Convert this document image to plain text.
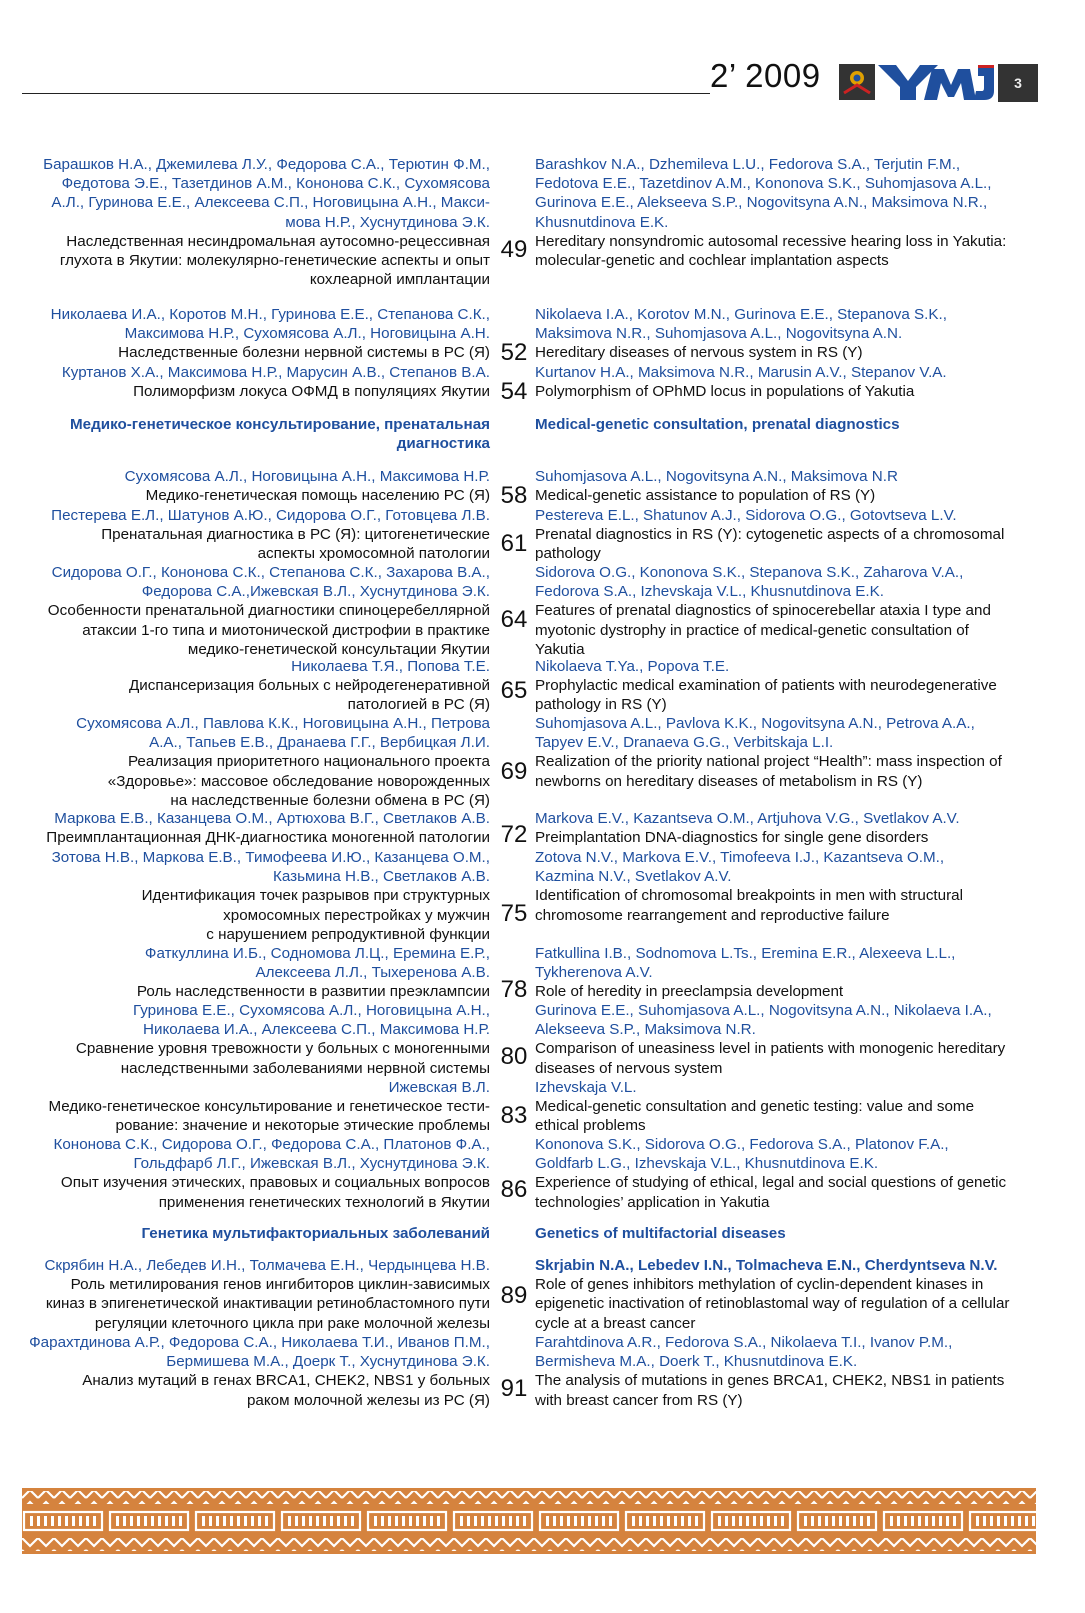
2’ 2009	3
Барашков Н.А., Джемилева Л.У., Федорова С.А., Терютин Ф.М.,
Федотова Э.Е., Тазетдинов А.М., Кононова С.К., Сухомясова
А.Л., Гуринова Е.Е., Алексеева С.П., Ноговицына А.Н., Макси-
мова Н.Р., Хуснутдинова Э.К.
Наследственная несиндромальная аутосомно-рецессивная
глухота в Якутии: молекулярно-генетические аспекты и опыт
кохлеарной имплантации
49
Barashkov N.A., Dzhemileva L.U., Fedorova S.A., Terjutin F.M.,
Fedotova E.E., Tazetdinov A.M., Kononova S.K., Suhomjasova A.L.,
Gurinova E.E., Alekseeva S.P., Nogovitsyna A.N., Maksimova N.R.,
Khusnutdinova E.K.
Hereditary nonsyndromic autosomal recessive hearing loss in Yakutia:
molecular-genetic and cochlear implantation aspects
Николаева И.А., Коротов М.Н., Гуринова Е.Е., Степанова С.К.,
Максимова Н.Р., Сухомясова А.Л., Ноговицына А.Н.
Наследственные болезни нервной системы в РС (Я) 52
Nikolaeva I.A., Korotov M.N., Gurinova E.E., Stepanova S.K.,
Maksimova N.R., Suhomjasova A.L., Nogovitsyna A.N.
Hereditary diseases of nervous system in RS (Y)
Куртанов Х.А., Максимова Н.Р., Марусин А.В., Степанов В.А.
Полиморфизм локуса ОФМД в популяциях Якутии 54
Kurtanov H.A., Maksimova N.R., Marusin A.V., Stepanov V.A.
Polymorphism of OPhMD locus in populations of Yakutia
Медико-генетическое консультирование, пренатальная
диагностика
Medical-genetic consultation, prenatal diagnostics
Сухомясова А.Л., Ноговицына А.Н., Максимова Н.Р.
Медико-генетическая помощь населению РС (Я) 58
Suhomjasova A.L., Nogovitsyna A.N., Maksimova N.R
Medical-genetic assistance to population of RS (Y)
Пестерева Е.Л., Шатунов А.Ю., Сидорова О.Г., Готовцева Л.В.
Пренатальная диагностика в РС (Я): цитогенетические
аспекты хромосомной патологии 61
Pestereva E.L., Shatunov A.J., Sidorova O.G., Gotovtseva L.V.
Prenatal diagnostics in RS (Y): cytogenetic aspects of a chromosomal
pathology
Сидорова О.Г., Кононова С.К., Степанова С.К., Захарова В.А.,
Федорова С.А.,Ижевская В.Л., Хуснутдинова Э.К.
Особенности пренатальной диагностики спиноцеребеллярной
атаксии 1-го типа и миотонической дистрофии в практике
медико-генетической консультации Якутии
64
Sidorova O.G., Kononova S.K., Stepanova S.K., Zaharova V.A.,
Fedorova S.A., Izhevskaja V.L., Khusnutdinova E.K.
Features of prenatal diagnostics of spinocerebellar ataxia I type and
myotonic dystrophy in practice of medical-genetic consultation of
Yakutia
Николаева Т.Я., Попова Т.Е.
Диспансеризация больных с нейродегенеративной
патологией в РС (Я)
65
Nikolaeva T.Ya., Popova T.E.
Prophylactic medical examination of patients with neurodegenerative
pathology in RS (Y)
Сухомясова А.Л., Павлова К.К., Ноговицына А.Н., Петрова
А.А., Тапьев Е.В., Дранаева Г.Г., Вербицкая Л.И.
Реализация приоритетного национального проекта
«Здоровье»: массовое обследование новорожденных
на наследственные болезни обмена в РС (Я)
69
Suhomjasova A.L., Pavlova K.K., Nogovitsyna A.N., Petrova A.A.,
Tapyev E.V., Dranaeva G.G., Verbitskaja L.I.
Realization of the priority national project “Health”: mass inspection of
newborns on hereditary diseases of metabolism in RS (Y)
Маркова Е.В., Казанцева О.М., Артюхова В.Г., Светлаков А.В.
Преимплантационная ДНК-диагностика моногенной патологии 72
Markova E.V., Kazantseva O.M., Artjuhova V.G., Svetlakov A.V.
Preimplantation DNA-diagnostics for single gene disorders
Зотова Н.В., Маркова Е.В., Тимофеева И.Ю., Казанцева О.М.,
Казьмина Н.В., Светлаков А.В.
Идентификация точек разрывов при структурных
хромосомных перестройках у мужчин
с нарушением репродуктивной функции
75
Zotova N.V., Markova E.V., Timofeeva I.J., Kazantseva O.M.,
Kazmina N.V., Svetlakov A.V.
Identification of chromosomal breakpoints in men with structural
chromosome rearrangement and reproductive failure
Фаткуллина И.Б., Содномова Л.Ц., Еремина Е.Р.,
Алексеева Л.Л., Тыхеренова А.В.
Роль наследственности в развитии преэклампсии 78
Fatkullina I.B., Sodnomova L.Ts., Eremina E.R., Alexeeva L.L.,
Tykherenova A.V.
Role of heredity in preeclampsia development
Гуринова Е.Е., Сухомясова А.Л., Ноговицына А.Н.,
Николаева И.А., Алексеева С.П., Максимова Н.Р.
Сравнение уровня тревожности у больных с моногенными
наследственными заболеваниями нервной системы 80
Gurinova E.E., Suhomjasova A.L., Nogovitsyna A.N., Nikolaeva I.A.,
Alekseeva S.P., Maksimova N.R.
Comparison of uneasiness level in patients with monogenic hereditary
diseases of nervous system
Ижевская В.Л.
Медико-генетическое консультирование и генетическое тести-
рование: значение и некоторые этические проблемы 83
Izhevskaja V.L.
Medical-genetic consultation and genetic testing: value and some
ethical problems
Кононова С.К., Сидорова О.Г., Федорова С.А., Платонов Ф.А.,
Гольдфарб Л.Г., Ижевская В.Л., Хуснутдинова Э.К.
Опыт изучения этических, правовых и социальных вопросов
применения генетических технологий в Якутии 86
Kononova S.K., Sidorova O.G., Fedorova S.A., Platonov F.A.,
Goldfarb L.G., Izhevskaja V.L., Khusnutdinova E.K.
Experience of studying of ethical, legal and social questions of genetic
technologies’ application in Yakutia
Генетика мультифакториальных заболеваний	Genetics of multifactorial diseases
Скрябин Н.А., Лебедев И.Н., Толмачева Е.Н., Чердынцева Н.В.
Роль метилирования генов ингибиторов циклин-зависимых
киназ в эпигенетической инактивации ретинобластомного пути
регуляции клеточного цикла при раке молочной железы
89
Skrjabin N.A., Lebedev I.N., Tolmacheva E.N., Cherdyntseva N.V.
Role of genes inhibitors methylation of cyclin-dependent kinases in
epigenetic inactivation of retinoblastomal way of regulation of a cellular
cycle at a breast cancer
Фарахтдинова А.Р., Федорова С.А., Николаева Т.И., Иванов П.М.,
Бермишева М.А., Доерк Т., Хуснутдинова Э.К.
Анализ мутаций в генах BRCA1, CHEK2, NBS1 у больных
раком молочной железы из РС (Я) 91
Farahtdinova A.R., Fedorova S.A., Nikolaeva T.I., Ivanov P.M.,
Bermisheva M.A., Doerk T., Khusnutdinova E.K.
The analysis of mutations in genes BRCA1, CHEK2, NBS1 in patients
with breast cancer from RS (Y)
